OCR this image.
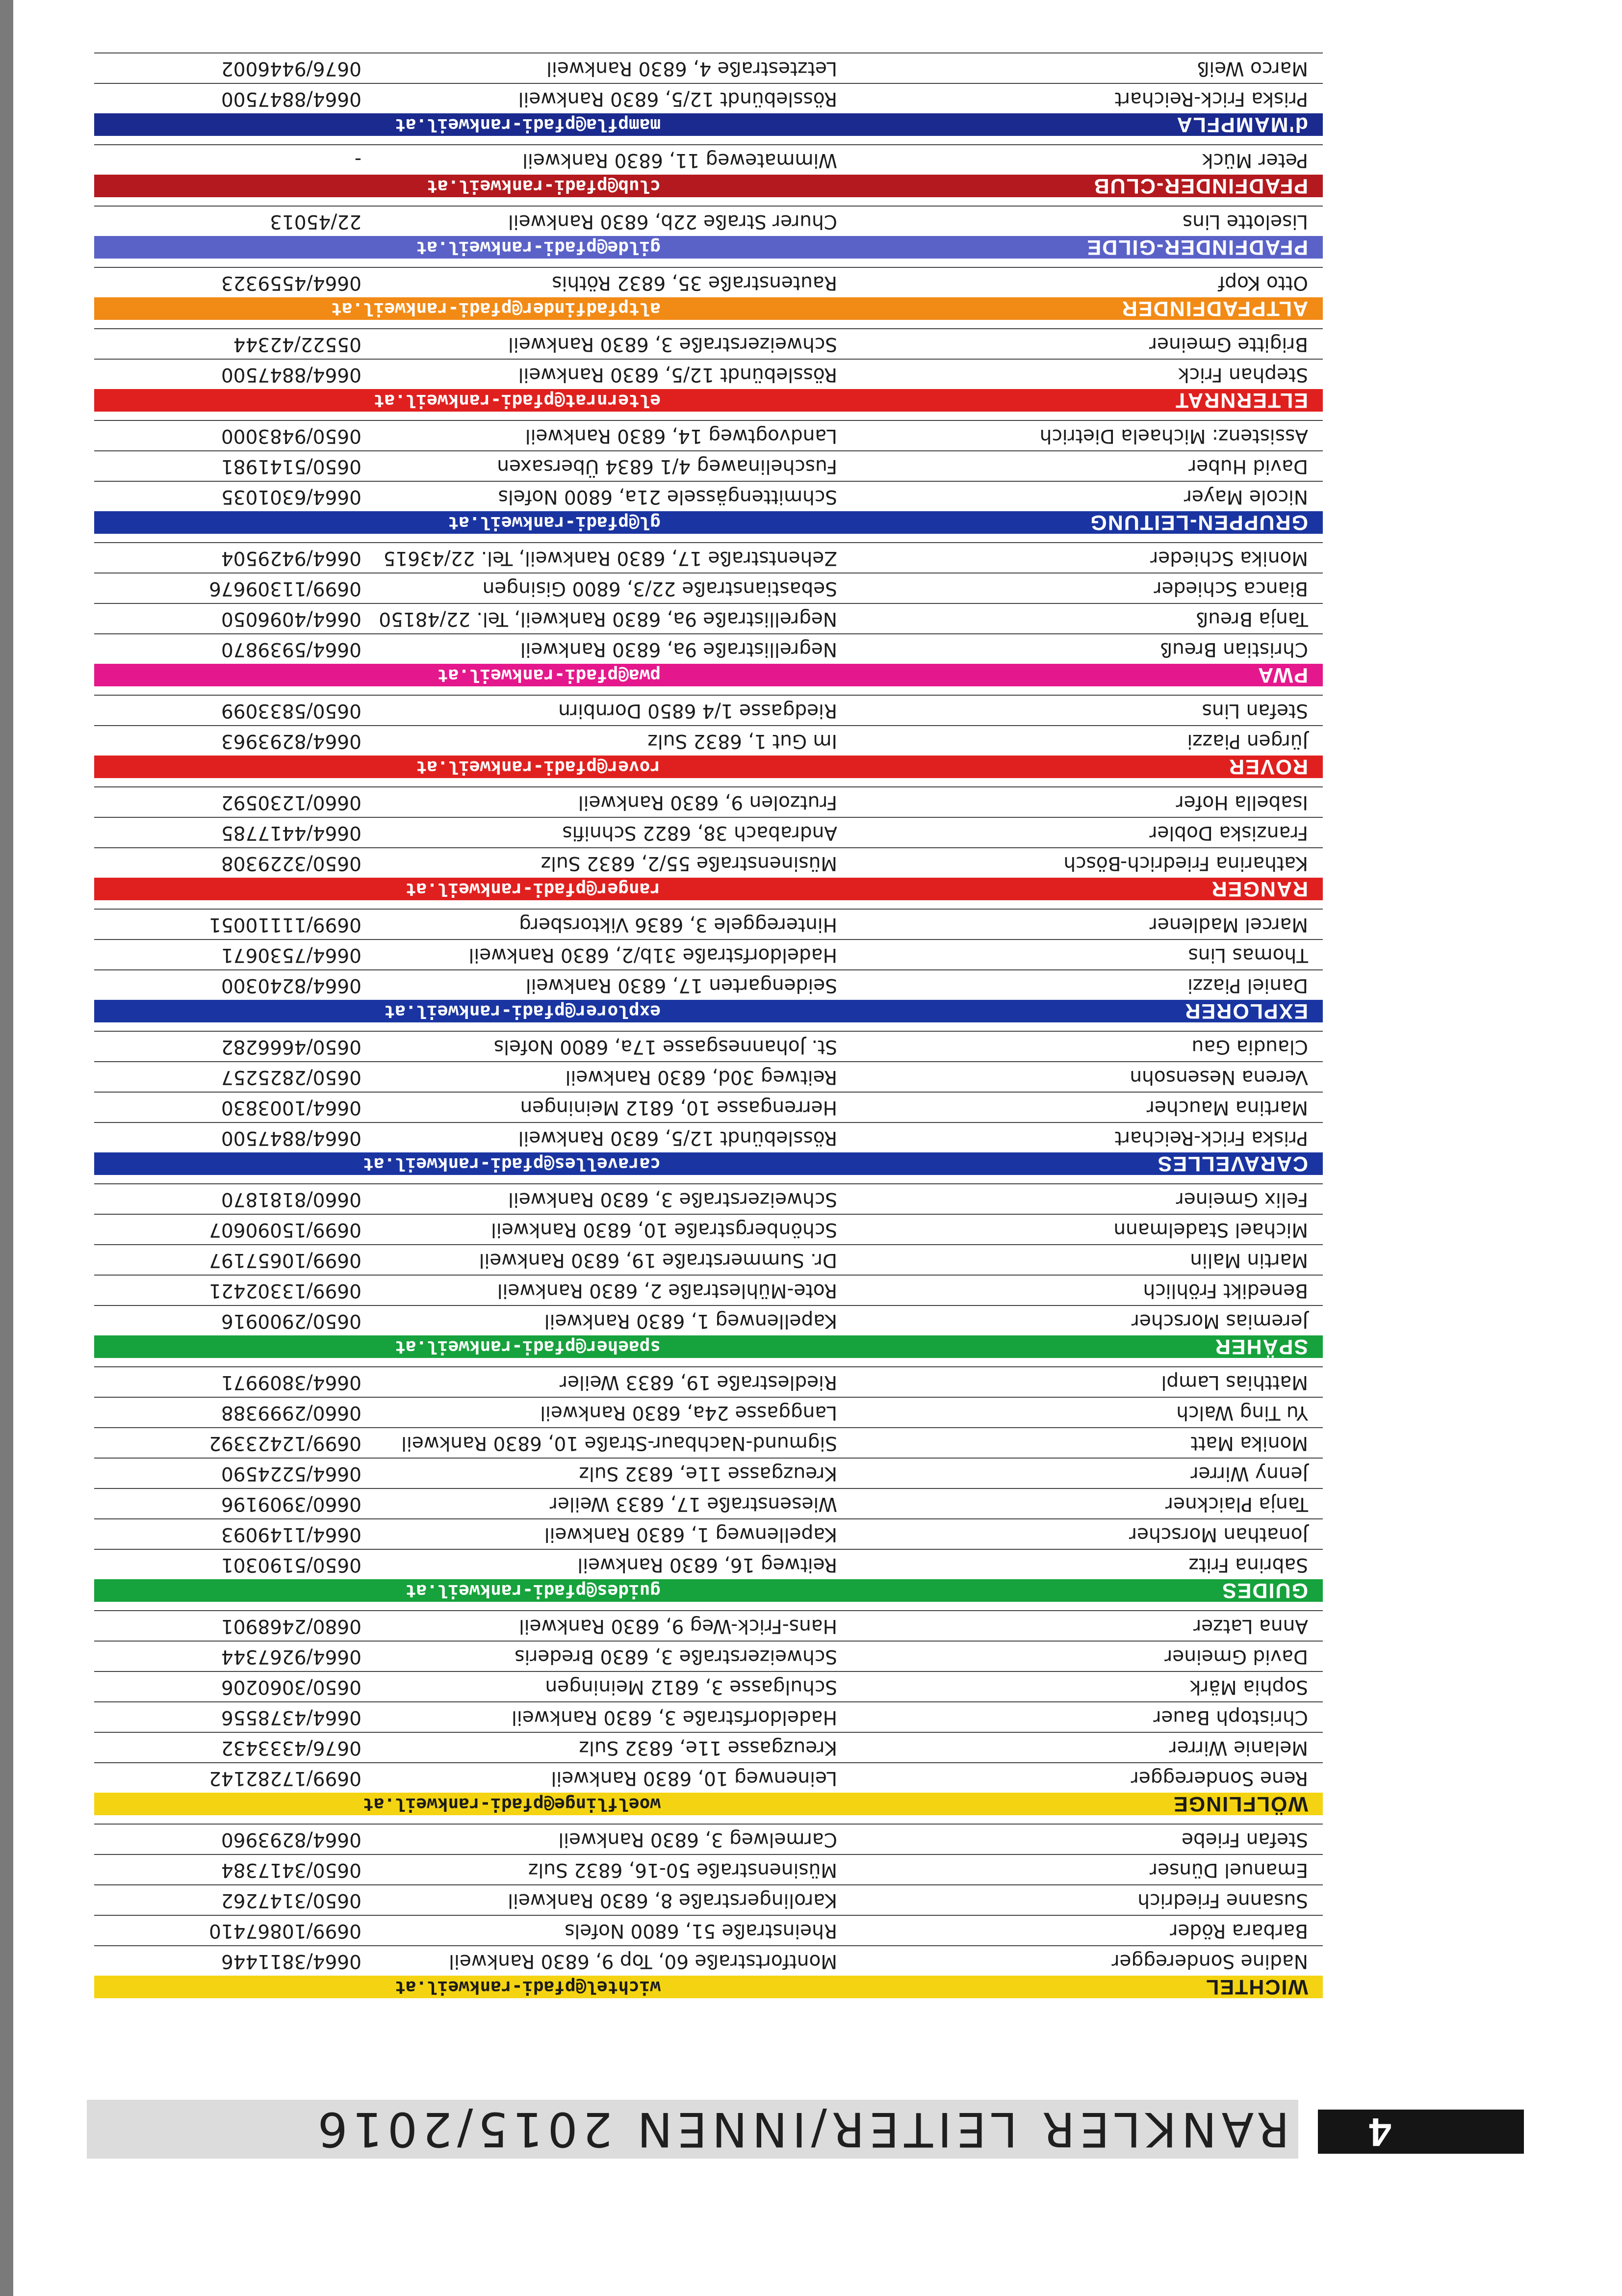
4
RANKLER LEITER/INNEN 2015/2016
WICHTEL
wichtel@pfadi-rankweil.at
Nadine Sonderegger
Montfortstraße 60, Top 9, 6830 Rankweil
0664/3811446
Barbara Röder
Rheinstraße 51, 6800 Nofels
0699/10867410
Susanne Friedrich
Karolingerstraße 8, 6830 Rankweil
0650/3147262
Emanuel Dünser
Müsinenstraße 50-16, 6832 Sulz
0650/3417384
Stefan Friebe
Carmelweg 3, 6830 Rankweil
0664/8293960
WÖLFLINGE
woelflinge@pfadi-rankweil.at
Rene Sonderegger
Leinenweg 10, 6830 Rankweil
0699/17282142
Melanie Wirrer
Kreuzgasse 11e, 6832 Sulz
0676/4333432
Christoph Bauer
Hadeldorfstraße 3, 6830 Rankweil
0664/4378556
Sophia Märk
Schulgasse 3, 6812 Meiningen
0650/3060206
David Gmeiner
Schweizerstraße 3, 6830 Brederis
0664/9267344
Anna Latzer
Hans-Frick-Weg 9, 6830 Rankweil
0680/2468901
GUIDES
guides@pfadi-rankweil.at
Sabrina Fritz
Reitweg 16, 6830 Rankweil
0650/5190301
Jonathan Morscher
Kapellenweg 1, 6830 Rankweil
0664/1149093
Tanja Plaickner
Wiesenstraße 17, 6833 Weiler
0660/3909196
Jenny Wirrer
Kreuzgasse 11e, 6832 Sulz
0664/5224590
Monika Matt
Sigmund-Nachbaur-Straße 10, 6830 Rankweil
0699/12423392
Yu Ting Walch
Langgasse 24a, 6830 Rankweil
0660/2999388
Matthias Lampl
Riedlestraße 19, 6833 Weiler
0664/3809971
SPÄHER
spaeher@pfadi-rankweil.at
Jeremias Morscher
Kapellenweg 1, 6830 Rankweil
0650/2900916
Benedikt Fröhlich
Rote-Mühlestraße 2, 6830 Rankweil
0699/13302421
Martin Malin
Dr. Summerstraße 19, 6830 Rankweil
0699/10657197
Michael Stadelmann
Schönbergstraße 10, 6830 Rankweil
0699/15090607
Felix Gmeiner
Schweizerstraße 3, 6830 Rankweil
0660/8181870
CARAVELLES
caravelles@pfadi-rankweil.at
Priska Frick-Reichart
Rösslebündt 12/5, 6830 Rankweil
0664/8847500
Martina Maucher
Herrengasse 10, 6812 Meiningen
0664/1003830
Verena Nesensohn
Reitweg 30d, 6830 Rankweil
0650/2825257
Claudia Gau
St. Johannesgasse 17a, 6800 Nofels
0650/4666282
EXPLORER
explorer@pfadi-rankweil.at
Daniel Piazzi
Seidengarten 17, 6830 Rankweil
0664/8240300
Thomas Lins
Hadeldorfstraße 31b/2, 6830 Rankweil
0664/7530671
Marcel Madlener
Hintereggele 3, 6836 Viktorsberg
0699/11110051
RANGER
ranger@pfadi-rankweil.at
Katharina Friedrich-Bösch
Müsinenstraße 55/2, 6832 Sulz
0650/3229308
Franziska Dobler
Andrabach 38, 6822 Schnifis
0664/4417785
Isabella Hofer
Frutzolen 9, 6830 Rankweil
0660/1230592
ROVER
rover@pfadi-rankweil.at
Jürgen Piazzi
Im Gut 1, 6832 Sulz
0664/8293963
Stefan Lins
Riedgasse 1/4 6850 Dornbirn
0650/5833099
PWA
pwa@pfadi-rankweil.at
Christian Breuß
Negrellistraße 9a, 6830 Rankweil
0664/5939870
Tanja Breuß
Negrellistraße 9a, 6830 Rankweil, Tel. 22/48150
0664/4096050
Bianca Schieder
Sebastianstraße 22/3, 6800 Gisingen
0699/11309676
Monika Schieder
Zehentstraße 17, 6830 Rankweil, Tel. 22/43615
0664/9429504
GRUPPEN-LEITUNG
gl@pfadi-rankweil.at
Nicole Mayer
Schmittengässele 21a, 6800 Nofels
0664/6301035
David Huber
Fuschelinaweg 4/1 6834 Übersaxen
0650/5141981
Assistenz: Michaela Dietrich
Landvogtweg 14, 6830 Rankweil
0650/9483000
ELTERNRAT
elternrat@pfadi-rankweil.at
Stephan Frick
Rösslebündt 12/5, 6830 Rankweil
0664/8847500
Brigitte Gmeiner
Schweizerstraße 3, 6830 Rankweil
05522/42344
ALTPFADFINDER
altpfadfinder@pfadi-rankweil.at
Otto Kopf
Rautenstraße 35, 6832 Röthis
0664/4559323
PFADFINDER-GILDE
gilde@pfadi-rankweil.at
Liselotte Lins
Churer Straße 22b, 6830 Rankweil
22/45013
PFADFINDER-CLUB
club@pfadi-rankweil.at
Peter Mück
Wimmateweg 11, 6830 Rankweil
-
d'MAMPFLA
mampfla@pfadi-rankweil.at
Priska Frick-Reichart
Rösslebündt 12/5, 6830 Rankweil
0664/8847500
Marco Weiß
Letztestraße 4, 6830 Rankweil
0676/9446002
